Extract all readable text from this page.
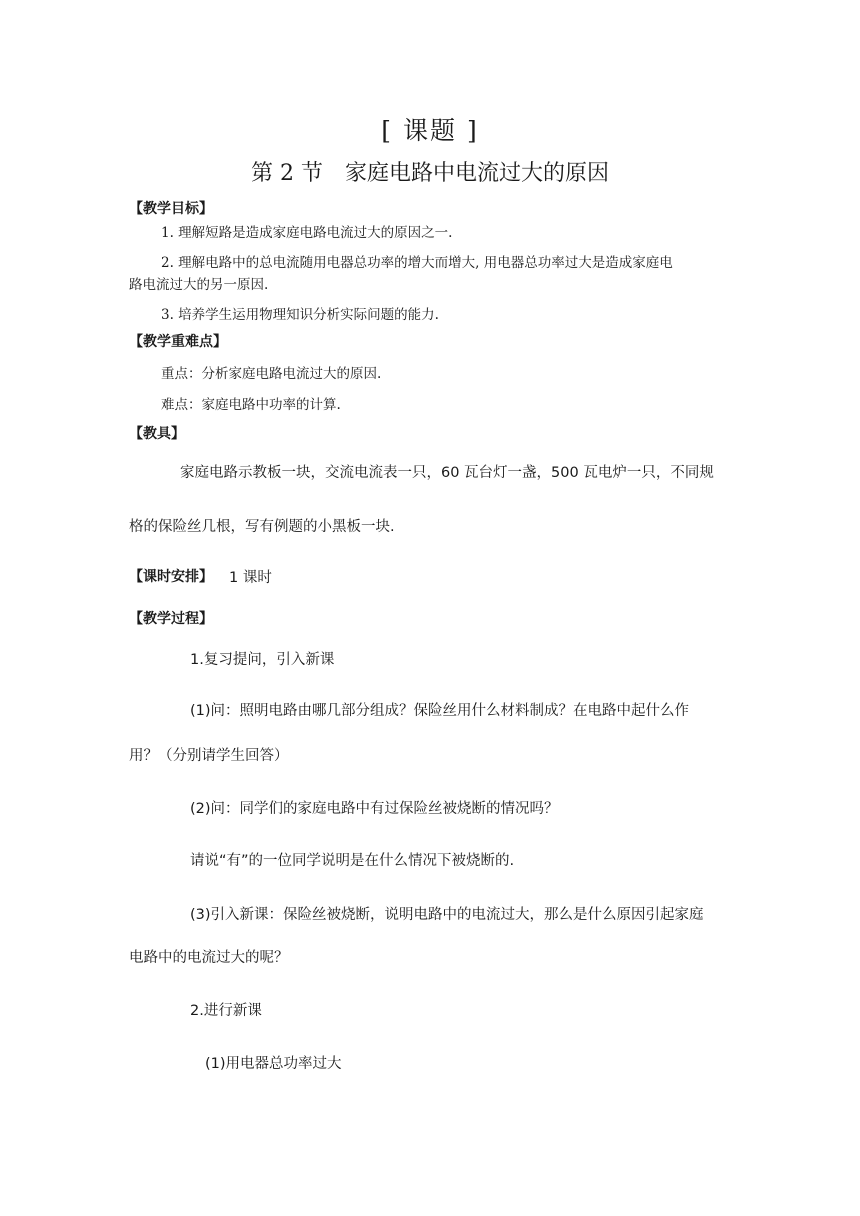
[ 课题 ]
第 2 节　家庭电路中电流过大的原因
【教学目标】
1. 理解短路是造成家庭电路电流过大的原因之一.
2. 理解电路中的总电流随用电器总功率的增大而增大, 用电器总功率过大是造成家庭电
路电流过大的另一原因.
3. 培养学生运用物理知识分析实际问题的能力.
【教学重难点】
重点：分析家庭电路电流过大的原因.
难点：家庭电路中功率的计算.
【教具】
家庭电路示教板一块，交流电流表一只，60 瓦台灯一盏，500 瓦电炉一只，不同规
格的保险丝几根，写有例题的小黑板一块.
【课时安排】 1 课时
【教学过程】
1.复习提问，引入新课
(1)问：照明电路由哪几部分组成？保险丝用什么材料制成？在电路中起什么作
用？（分别请学生回答）
(2)问：同学们的家庭电路中有过保险丝被烧断的情况吗？
请说“有”的一位同学说明是在什么情况下被烧断的.
(3)引入新课：保险丝被烧断，说明电路中的电流过大，那么是什么原因引起家庭
电路中的电流过大的呢？
2.进行新课
(1)用电器总功率过大
